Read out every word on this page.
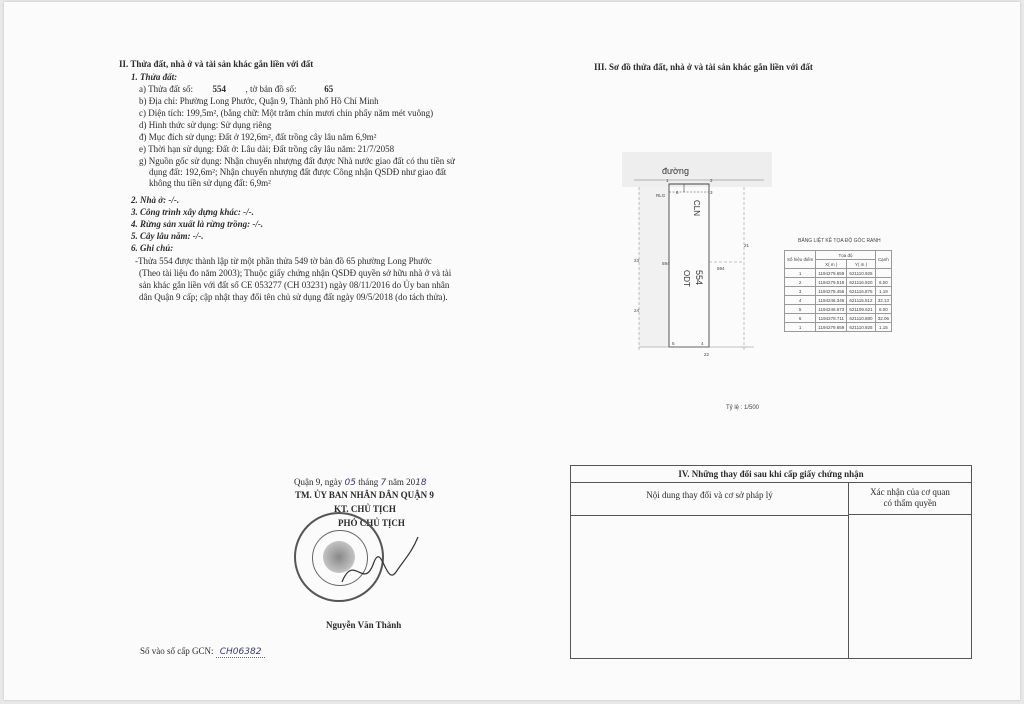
II. Thửa đất, nhà ở và tài sản khác gắn liền với đất
1. Thửa đất:
a) Thửa đất số: 554 , tờ bản đồ số:	65
b) Địa chỉ: Phường Long Phước, Quận 9, Thành phố Hồ Chí Minh
c) Diện tích: 199,5m², (bằng chữ: Một trăm chín mươi chín phẩy năm mét vuông)
d) Hình thức sử dụng: Sử dụng riêng
đ) Mục đích sử dụng: Đất ở 192,6m², đất trồng cây lâu năm 6,9m²
e) Thời hạn sử dụng: Đất ở: Lâu dài; Đất trồng cây lâu năm: 21/7/2058
g) Nguồn gốc sử dụng: Nhận chuyển nhượng đất được Nhà nước giao đất có thu tiền sử
dụng đất: 192,6m²; Nhận chuyển nhượng đất được Công nhận QSDĐ như giao đất
không thu tiền sử dụng đất: 6,9m²
2. Nhà ở: -/-.
3. Công trình xây dựng khác: -/-.
4. Rừng sản xuất là rừng trồng: -/-.
5. Cây lâu năm: -/-.
6. Ghi chú:
-Thửa 554 được thành lập từ một phần thửa 549 tờ bản đồ 65 phường Long Phước
(Theo tài liệu đo năm 2003); Thuộc giấy chứng nhận QSDĐ quyền sở hữu nhà ở và tài
sản khác gắn liền với đất số CE 053277 (CH 03231) ngày 08/11/2016 do Ủy ban nhân
dân Quận 9 cấp; cập nhật thay đổi tên chủ sử dụng đất ngày 09/5/2018 (do tách thửa).
III. Sơ đồ thửa đất, nhà ở và tài sản khác gắn liền với đất
đường
RLG
CLN
554
ODT
1	2
3
4
5
6
21
22
23
24
594
594
Tỷ lệ : 1/500
BẢNG LIỆT KÊ TỌA ĐỘ GÓC RANH
Số hiệu điểm	Tọa độ		Cạnh
	X( m )	Y( m )	
1	1194279.659	621110.925	
2	1194279.518	621116.920	6.00
3	1194278.456	621116.875	1.19
4	1194246.346	621115.512	32.13
5	1194246.673	621109.621	6.00
6	1194278.711	621110.880	32.06
1	1194279.659	621110.925	1.15
Quận 9, ngày 05 tháng 7 năm 2018
TM. ỦY BAN NHÂN DÂN QUẬN 9
KT. CHỦ TỊCH
PHÓ CHỦ TỊCH
Nguyễn Văn Thành
Số vào sổ cấp GCN: CH06382
IV. Những thay đổi sau khi cấp giấy chứng nhận
Nội dung thay đổi và cơ sở pháp lý	Xác nhận của cơ quan
có thẩm quyền
